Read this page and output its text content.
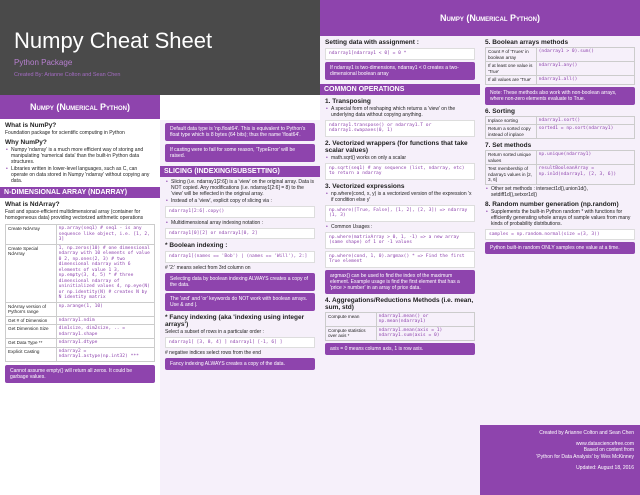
Numpy Cheat Sheet
Python Package
Created By: Arianne Colton and Sean Chen
Numpy (Numerical Python)
What is NumPy?
Foundation package for scientific computing in Python
Why NumPy?
• Numpy 'ndarray' is a much more efficient way of storing and manipulating 'numerical data' than the built-in Python data structures.
• Libraries written in lower-level languages, such as C, can operate on data stored in Numpy 'ndarray' without copying any data.
N-DIMENSIONAL ARRAY (NDARRAY)
What is NdArray?
Fast and space-efficient multidimensional array (container for homogeneous data) providing vectorized arithmetic operations
Create NdArray	np.array(seq1) # seq1 - is any sequence like object, i.e. [1, 2, 3]
Create Special NdArray	1, np.zeros(10) # one dimensional ndarray with 10 elements of value 0 2, np.ones(2, 3) # two dimensional ndarray with 6 elements of value 1 3, np.empty(3, 4, 5) * # three dimensional ndarray of uninitialized values 4, np.eye(N) or np.identity(N) # creates N by N identity matrix
NdArray version of Python's range	np.arange(1, 10)
Get # of Dimension	ndarray1.ndim
Get Dimension Size	dim1size, dim2size, .. = ndarray1.shape
Get Data Type **	ndarray1.dtype
Explicit Casting	ndarray2 = ndarray1.astype(np.int32) ***
Cannot assume empty() will return all zeros. It could be garbage values.
Default data type is 'np.float64'. This is equivalent to Python's float type which is 8 bytes (64 bits); thus the name 'float64'.
If casting were to fail for some reason, 'TypeError' will be raised.
SLICING (INDEXING/SUBSETTING)
• Slicing (i.e. ndarray1[2:6]) is a 'view' on the original array. Data is NOT copied. Any modifications (i.e. ndarray1[2:6] = 8) to the 'view' will be reflected in the original array.
• Instead of a 'view', explicit copy of slicing via :
ndarray1[2:6].copy()
• Multidimensional array indexing notation :
ndarray1[0][2] or ndarray1[0, 2]
* Boolean indexing :
ndarray1[(names == 'Bob') | (names == 'Will'), 2:]
# '2:' means select from 3rd column on
Selecting data by boolean indexing ALWAYS creates a copy of the data.
The 'and' and 'or' keywords do NOT work with boolean arrays. Use & and |.
* Fancy indexing (aka 'indexing using integer arrays')
Select a subset of rows in a particular order :
ndarray1[ [3, 8, 4] ] ndarray1[ [-1, 6] ]
# negative indices select rows from the end
Fancy indexing ALWAYS creates a copy of the data.
Numpy (Numerical Python)
Setting data with assignment :
ndarray1[ndarray1 < 0] = 0 *
If ndarray1 is two-dimensions, ndarray1 < 0 creates a two-dimensional boolean array
COMMON OPERATIONS
1. Transposing
• A special form of reshaping which returns a 'view' on the underlying data without copying anything.
ndarray1.transpose() or ndarray1.T or ndarray1.swapaxes(0, 1)
2. Vectorized wrappers (for functions that take scalar values)
• math.sqrt() works on only a scalar
np.sqrt(seq1) # any sequence (list, ndarray, etc) to return a ndarray
3. Vectorized expressions
• np.where(cond, x, y) is a vectorized version of the expression 'x if condition else y'
np.where([True, False], [1, 2], [2, 3]) => ndarray (1, 3)
• Common Usages :
np.where(matrixArray > 0, 1, -1) => a new array (same shape) of 1 or -1 values
np.where(cond, 1, 0).argmax() * => Find the first True element
argmax() can be used to find the index of the maximum element. Example usage is find the first element that has a 'price > number' in an array of price data.
4. Aggregations/Reductions Methods (i.e. mean, sum, std)
Compute mean	ndarray1.mean() or np.mean(ndarray1)
Compute statistics over axis *	ndarray1.mean(axis = 1) ndarray1.sum(axis = 0)
axis = 0 means column axis, 1 is row axis.
5. Boolean arrays methods
Count # of 'Trues' in boolean array	(ndarray1 > 0).sum()
If at least one value is 'True'	ndarray1.any()
If all values are 'True'	ndarray1.all()
Note: These methods also work with non-boolean arrays, where non-zero elements evaluate to True.
6. Sorting
Inplace sorting	ndarray1.sort()
Return a sorted copy instead of inplace	sorted1 = np.sort(ndarray1)
7. Set methods
Return sorted unique values	np.unique(ndarray1)
Test membership of ndarray1 values in [2, 3, 6]	resultBooleanArray = np.in1d(ndarray1, [2, 3, 6])
• Other set methods : intersect1d(),union1d(), setdiff1d(),setxor1d()
8. Random number generation (np.random)
• Supplements the built-in Python random * with functions for efficiently generating whole arrays of sample values from many kinds of probability distributions.
samples = np.random.normal(size =(3, 3))
Python built-in random ONLY samples one value at a time.
Created by Arianne Colton and Sean Chen
www.datasciencefree.com
Based on content from
'Python for Data Analysis' by Wes McKinney
Updated: August 18, 2016
